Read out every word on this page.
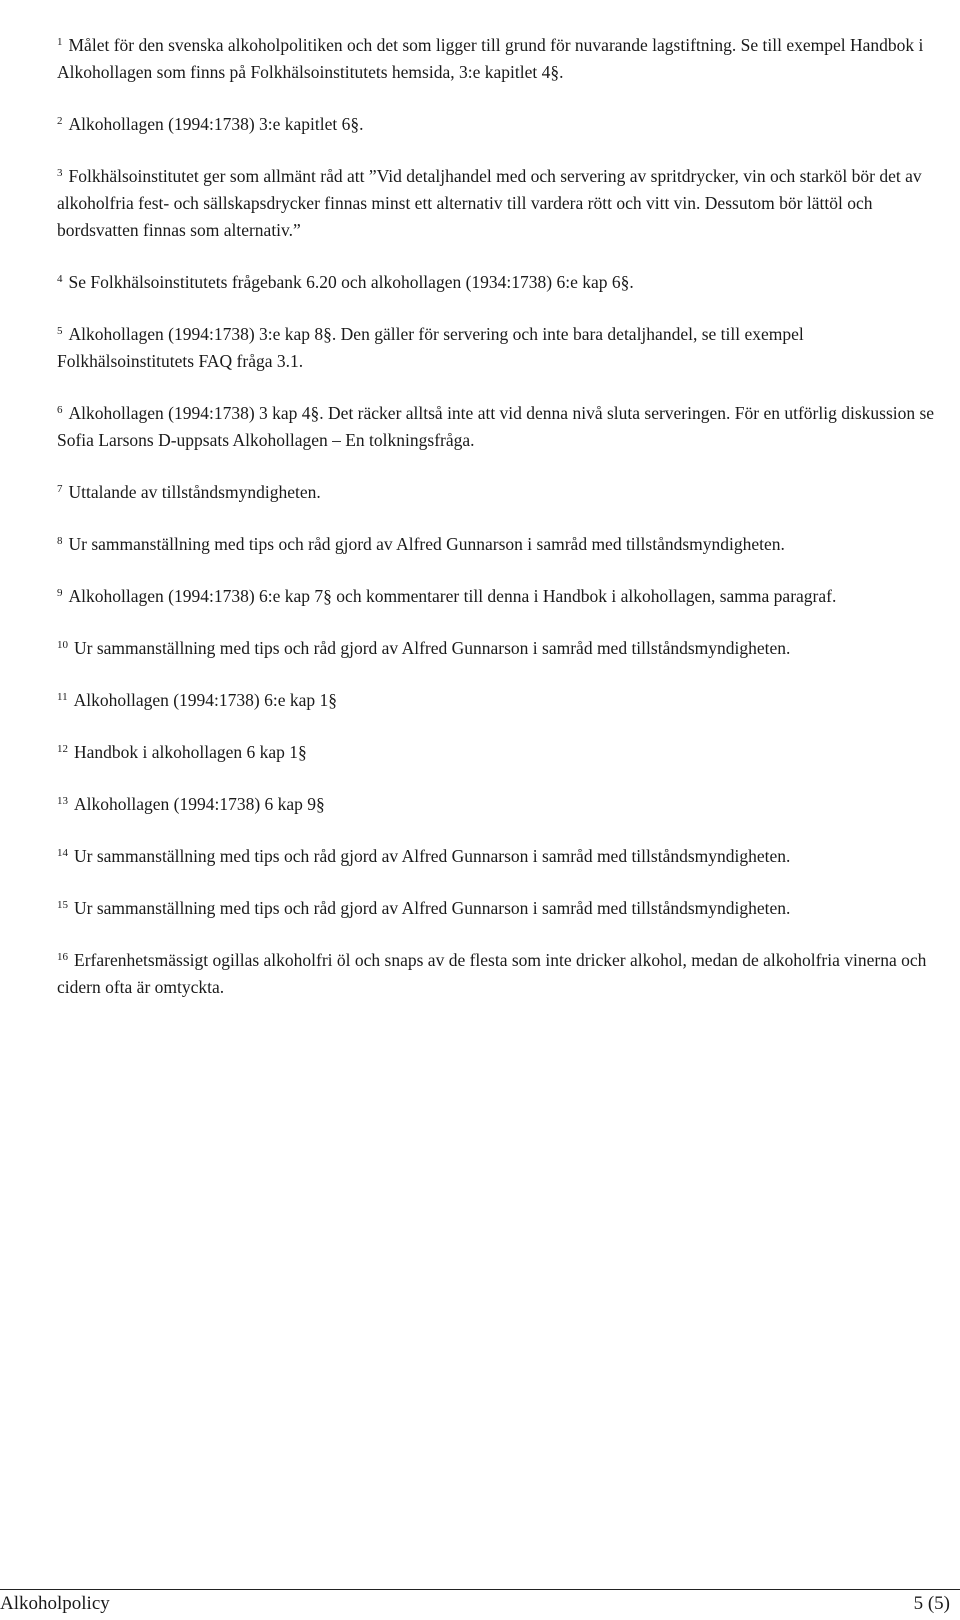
$^1$ Målet för den svenska alkoholpolitiken och det som ligger till grund för nuvarande lagstiftning. Se till exempel Handbok i Alkohollagen som finns på Folkhälsoinstitutets hemsida, 3:e kapitlet 4§.

$^2$ Alkohollagen (1994:1738) 3:e kapitlet 6§.

$^3$ Folkhälsoinstitutet ger som allmänt råd att ”Vid detaljhandel med och servering av spritdrycker, vin och starköl bör det av alkoholfria fest- och sällskapsdrycker finnas minst ett alternativ till vardera rött och vitt vin. Dessutom bör lättöl och bordsvatten finnas som alternativ.”

$^4$ Se Folkhälsoinstitutets frågebank 6.20 och alkohollagen (1934:1738) 6:e kap 6§.

$^5$ Alkohollagen (1994:1738) 3:e kap 8§. Den gäller för servering och inte bara detaljhandel, se till exempel Folkhälsoinstitutets FAQ fråga 3.1.

$^6$ Alkohollagen (1994:1738) 3 kap 4§. Det räcker alltså inte att vid denna nivå sluta serveringen. För en utförlig diskussion se Sofia Larsons D-uppsats Alkohollagen – En tolkningsfråga.

$^7$ Uttalande av tillståndsmyndigheten.

$^8$ Ur sammanställning med tips och råd gjord av Alfred Gunnarson i samråd med tillståndsmyndigheten.

$^9$ Alkohollagen (1994:1738) 6:e kap 7§ och kommentarer till denna i Handbok i alkohollagen, samma paragraf.

$^{10}$ Ur sammanställning med tips och råd gjord av Alfred Gunnarson i samråd med tillståndsmyndigheten.

$^{11}$ Alkohollagen (1994:1738) 6:e kap 1§

$^{12}$ Handbok i alkohollagen 6 kap 1§

$^{13}$ Alkohollagen (1994:1738) 6 kap 9§

$^{14}$ Ur sammanställning med tips och råd gjord av Alfred Gunnarson i samråd med tillståndsmyndigheten.

$^{15}$ Ur sammanställning med tips och råd gjord av Alfred Gunnarson i samråd med tillståndsmyndigheten.

$^{16}$ Erfarenhetsmässigt ogillas alkoholfri öl och snaps av de flesta som inte dricker alkohol, medan de alkoholfria vinerna och cidern ofta är omtyckta.

Alkoholpolicy	5 (5)
